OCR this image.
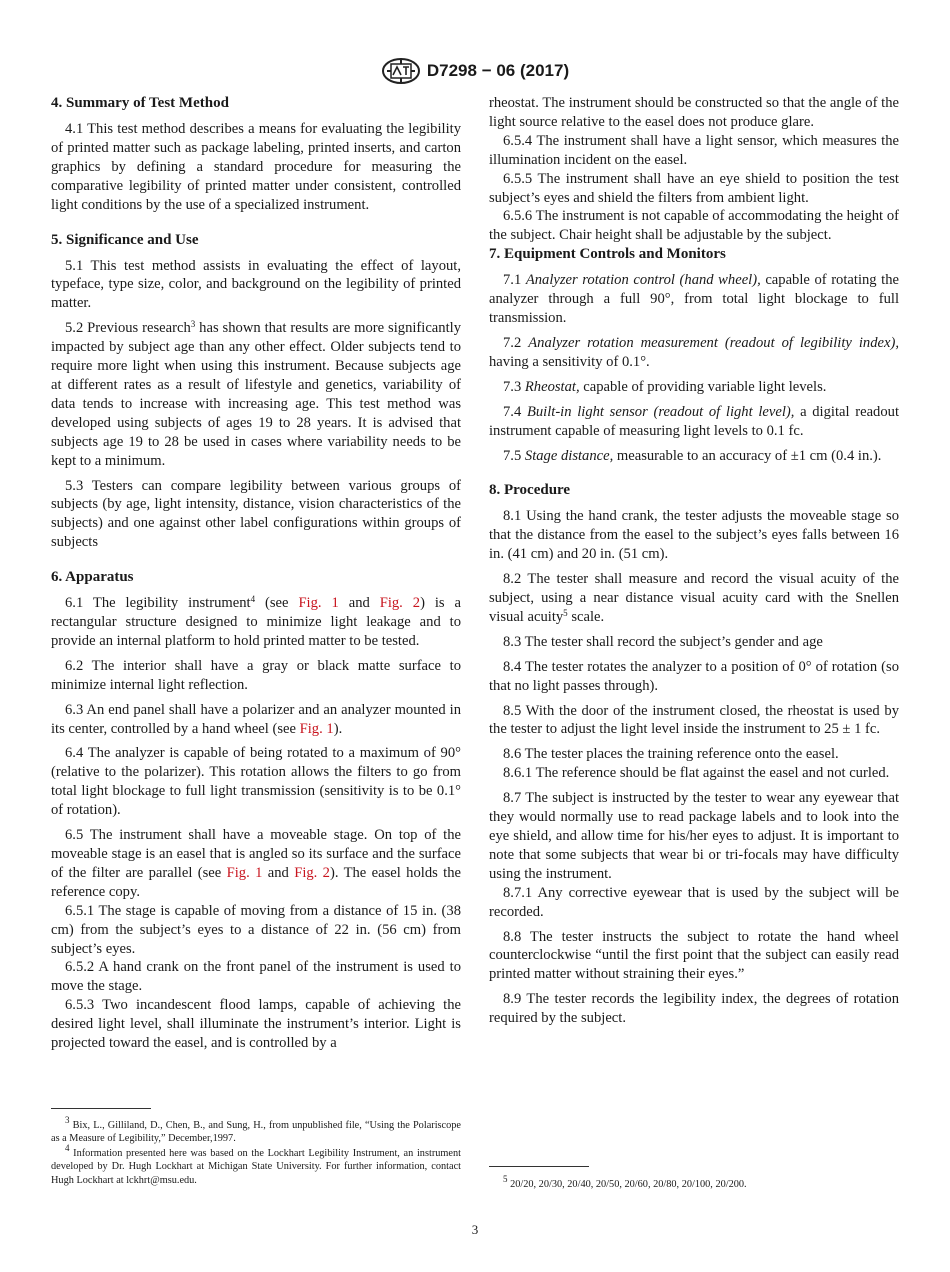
D7298 − 06 (2017)
4. Summary of Test Method

4.1 This test method describes a means for evaluating the legibility of printed matter such as package labeling, printed inserts, and carton graphics by defining a standard procedure for measuring the comparative legibility of printed matter under consistent, controlled light conditions by the use of a specialized instrument.

5. Significance and Use

5.1 This test method assists in evaluating the effect of layout, typeface, type size, color, and background on the legibility of printed matter.

5.2 Previous research$^3$ has shown that results are more significantly impacted by subject age than any other effect. Older subjects tend to require more light when using this instrument. Because subjects age at different rates as a result of lifestyle and genetics, variability of data tends to increase with increasing age. This test method was developed using subjects of ages 19 to 28 years. It is advised that subjects age 19 to 28 be used in cases where variability needs to be kept to a minimum.

5.3 Testers can compare legibility between various groups of subjects (by age, light intensity, distance, vision characteristics of the subjects) and one against other label configurations within groups of subjects

6. Apparatus

6.1 The legibility instrument$^4$ (see Fig. 1 and Fig. 2) is a rectangular structure designed to minimize light leakage and to provide an internal platform to hold printed matter to be tested.

6.2 The interior shall have a gray or black matte surface to minimize internal light reflection.

6.3 An end panel shall have a polarizer and an analyzer mounted in its center, controlled by a hand wheel (see Fig. 1).

6.4 The analyzer is capable of being rotated to a maximum of 90° (relative to the polarizer). This rotation allows the filters to go from total light blockage to full light transmission (sensitivity is to be 0.1° of rotation).

6.5 The instrument shall have a moveable stage. On top of the moveable stage is an easel that is angled so its surface and the surface of the filter are parallel (see Fig. 1 and Fig. 2). The easel holds the reference copy.

6.5.1 The stage is capable of moving from a distance of 15 in. (38 cm) from the subject’s eyes to a distance of 22 in. (56 cm) from subject’s eyes.

6.5.2 A hand crank on the front panel of the instrument is used to move the stage.

6.5.3 Two incandescent flood lamps, capable of achieving the desired light level, shall illuminate the instrument’s interior. Light is projected toward the easel, and is controlled by a

$^3$ Bix, L., Gilliland, D., Chen, B., and Sung, H., from unpublished file, “Using the Polariscope as a Measure of Legibility,” December,1997.

$^4$ Information presented here was based on the Lockhart Legibility Instrument, an instrument developed by Dr. Hugh Lockhart at Michigan State University. For further information, contact Hugh Lockhart at lckhrt@msu.edu.

rheostat. The instrument should be constructed so that the angle of the light source relative to the easel does not produce glare.

6.5.4 The instrument shall have a light sensor, which measures the illumination incident on the easel.

6.5.5 The instrument shall have an eye shield to position the test subject’s eyes and shield the filters from ambient light.

6.5.6 The instrument is not capable of accommodating the height of the subject. Chair height shall be adjustable by the subject.

7. Equipment Controls and Monitors

7.1 Analyzer rotation control (hand wheel), capable of rotating the analyzer through a full 90°, from total light blockage to full transmission.

7.2 Analyzer rotation measurement (readout of legibility index), having a sensitivity of 0.1°.

7.3 Rheostat, capable of providing variable light levels.

7.4 Built-in light sensor (readout of light level), a digital readout instrument capable of measuring light levels to 0.1 fc.

7.5 Stage distance, measurable to an accuracy of ±1 cm (0.4 in.).

8. Procedure

8.1 Using the hand crank, the tester adjusts the moveable stage so that the distance from the easel to the subject’s eyes falls between 16 in. (41 cm) and 20 in. (51 cm).

8.2 The tester shall measure and record the visual acuity of the subject, using a near distance visual acuity card with the Snellen visual acuity$^5$ scale.

8.3 The tester shall record the subject’s gender and age

8.4 The tester rotates the analyzer to a position of 0° of rotation (so that no light passes through).

8.5 With the door of the instrument closed, the rheostat is used by the tester to adjust the light level inside the instrument to 25 ± 1 fc.

8.6 The tester places the training reference onto the easel.

8.6.1 The reference should be flat against the easel and not curled.

8.7 The subject is instructed by the tester to wear any eyewear that they would normally use to read package labels and to look into the eye shield, and allow time for his/her eyes to adjust. It is important to note that some subjects that wear bi or tri-focals may have difficulty using the instrument.

8.7.1 Any corrective eyewear that is used by the subject will be recorded.

8.8 The tester instructs the subject to rotate the hand wheel counterclockwise “until the first point that the subject can easily read printed matter without straining their eyes.”

8.9 The tester records the legibility index, the degrees of rotation required by the subject.

$^5$ 20/20, 20/30, 20/40, 20/50, 20/60, 20/80, 20/100, 20/200.

3
